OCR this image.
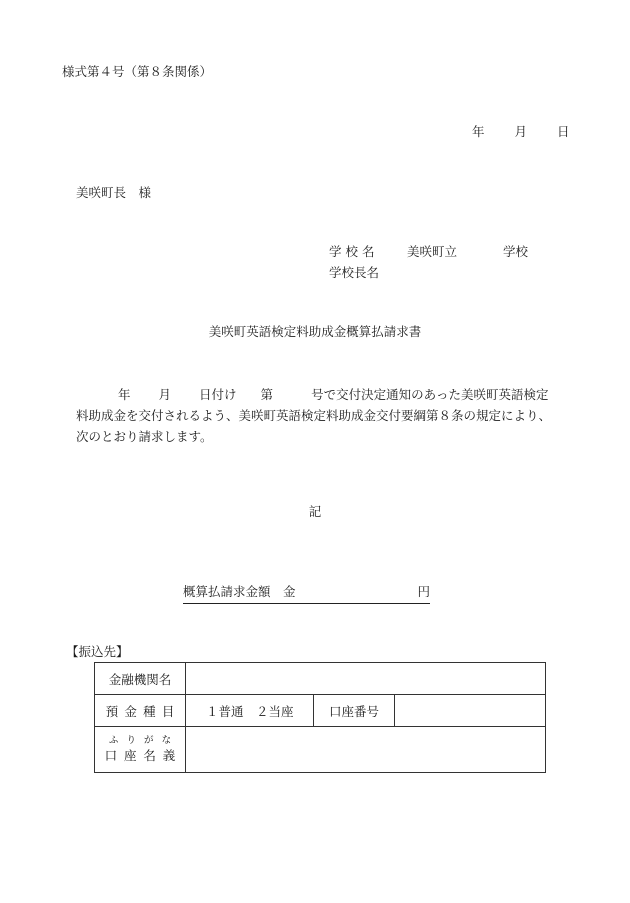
様式第４号（第８条関係）
年 月 日
美咲町長　様
学 校 名	美咲町立	学校
学校長名
美咲町英語検定料助成金概算払請求書
年 月 日付け 第	号で交付決定通知のあった美咲町英語検定
料助成金を交付されるよう、美咲町英語検定料助成金交付要綱第８条の規定により、
次のとおり請求します。
記
概算払請求金額　金	円
【振込先】
金融機関名			
預金種目	１普通　２当座	口座番号	

ふりがな
口座名義			
